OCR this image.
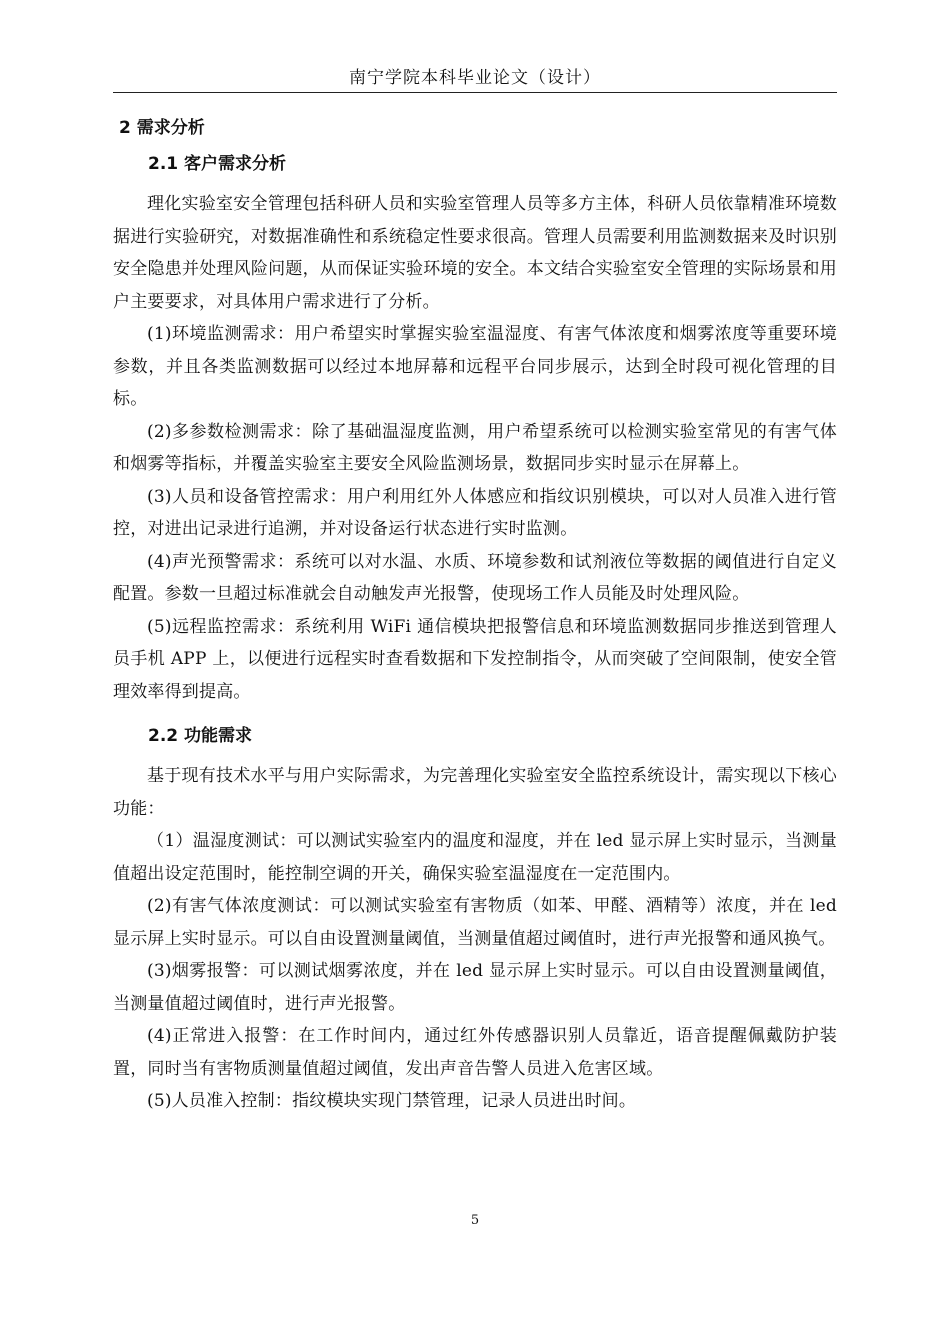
南宁学院本科毕业论文（设计）
2 需求分析
2.1 客户需求分析

理化实验室安全管理包括科研人员和实验室管理人员等多方主体，科研人员依靠精准环境数据进行实验研究，对数据准确性和系统稳定性要求很高。管理人员需要利用监测数据来及时识别安全隐患并处理风险问题，从而保证实验环境的安全。本文结合实验室安全管理的实际场景和用户主要要求，对具体用户需求进行了分析。

(1)环境监测需求：用户希望实时掌握实验室温湿度、有害气体浓度和烟雾浓度等重要环境参数，并且各类监测数据可以经过本地屏幕和远程平台同步展示，达到全时段可视化管理的目标。

(2)多参数检测需求：除了基础温湿度监测，用户希望系统可以检测实验室常见的有害气体和烟雾等指标，并覆盖实验室主要安全风险监测场景，数据同步实时显示在屏幕上。

(3)人员和设备管控需求：用户利用红外人体感应和指纹识别模块，可以对人员准入进行管控，对进出记录进行追溯，并对设备运行状态进行实时监测。

(4)声光预警需求：系统可以对水温、水质、环境参数和试剂液位等数据的阈值进行自定义配置。参数一旦超过标准就会自动触发声光报警，使现场工作人员能及时处理风险。

(5)远程监控需求：系统利用 WiFi 通信模块把报警信息和环境监测数据同步推送到管理人员手机 APP 上，以便进行远程实时查看数据和下发控制指令，从而突破了空间限制，使安全管理效率得到提高。

2.2 功能需求

基于现有技术水平与用户实际需求，为完善理化实验室安全监控系统设计，需实现以下核心功能：

（1）温湿度测试：可以测试实验室内的温度和湿度，并在 led 显示屏上实时显示，当测量值超出设定范围时，能控制空调的开关，确保实验室温湿度在一定范围内。

(2)有害气体浓度测试：可以测试实验室有害物质（如苯、甲醛、酒精等）浓度，并在 led 显示屏上实时显示。可以自由设置测量阈值，当测量值超过阈值时，进行声光报警和通风换气。

(3)烟雾报警：可以测试烟雾浓度，并在 led 显示屏上实时显示。可以自由设置测量阈值，当测量值超过阈值时，进行声光报警。

(4)正常进入报警：在工作时间内，通过红外传感器识别人员靠近，语音提醒佩戴防护装置，同时当有害物质测量值超过阈值，发出声音告警人员进入危害区域。

(5)人员准入控制：指纹模块实现门禁管理，记录人员进出时间。

5
